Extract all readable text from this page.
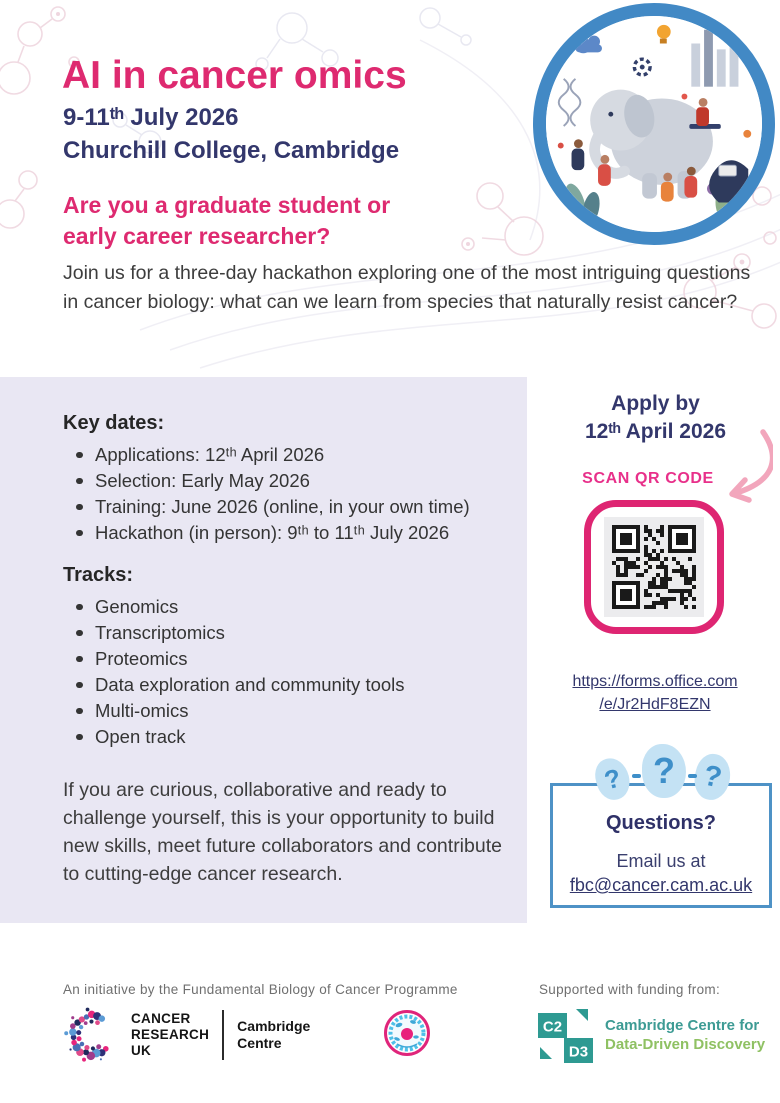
AI in cancer omics
9-11ᵗʰ July 2026
Churchill College, Cambridge
Are you a graduate student or
early career researcher?

Join us for a three-day hackathon exploring one of the most intriguing questions in cancer biology: what can we learn from species that naturally resist cancer?

Key dates:
Applications: 12ᵗʰ April 2026
Selection: Early May 2026
Training: June 2026 (online, in your own time)
Hackathon (in person): 9ᵗʰ to 11ᵗʰ July 2026
Tracks:
Genomics
Transcriptomics
Proteomics
Data exploration and community tools
Multi-omics
Open track

If you are curious, collaborative and ready to challenge yourself, this is your opportunity to build new skills, meet future collaborators and contribute to cutting-edge cancer research.

Apply by
12ᵗʰ April 2026
SCAN QR CODE
https://forms.office.com
/e/Jr2HdF8EZN
?
?
?
Questions?
Email us at
fbc@cancer.cam.ac.uk
An initiative by the Fundamental Biology of Cancer Programme
CANCER
RESEARCH
UK
Cambridge
Centre
Supported with funding from:
C2
D3
Cambridge Centre for
Data-Driven Discovery
